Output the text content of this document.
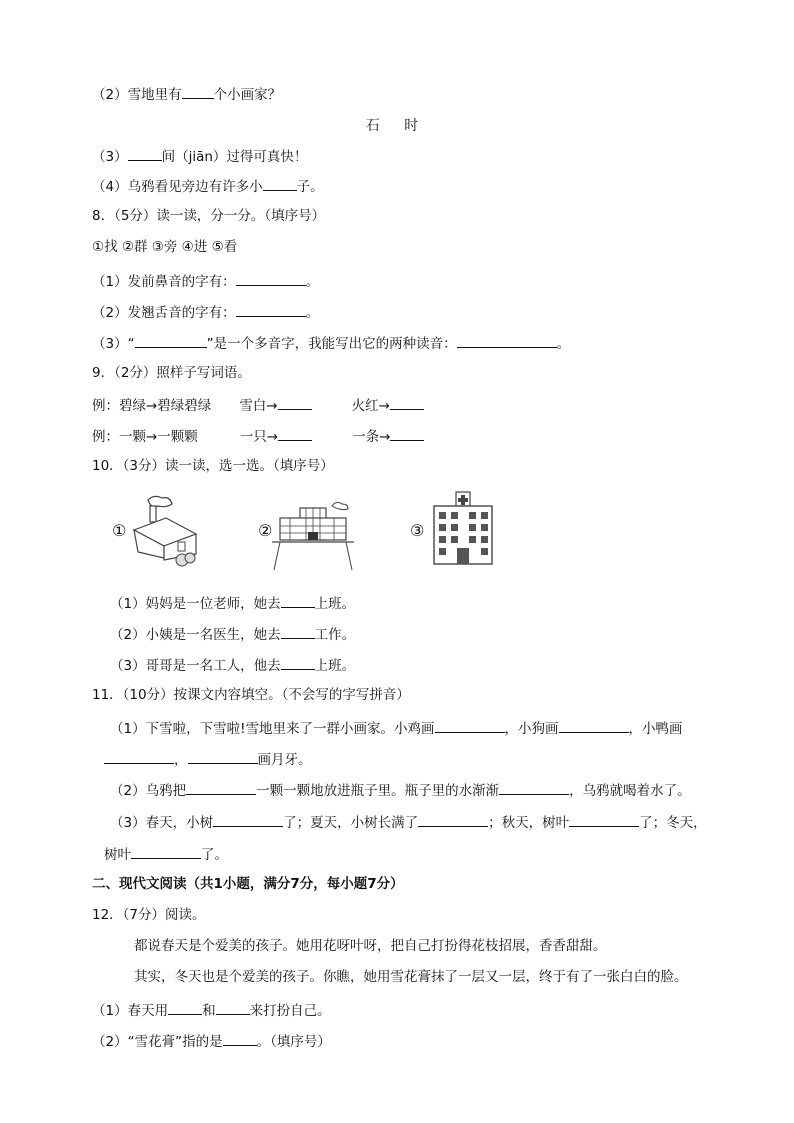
（2）雪地里有 个小画家？
石 时
（3）	间（jiān）过得可真快！
（4）乌鸦看见旁边有许多小	子。
8．（5分）读一读，分一分。（填序号）
①找 ②群 ③旁 ④进 ⑤看
（1）发前鼻音的字有：	。
（2）发翘舌音的字有：	。
（3）“	”是一个多音字，我能写出它的两种读音：	。
9．（2分）照样子写词语。
例：碧绿→碧绿碧绿 雪白→	火红→
例：一颗→一颗颗	一只→	一条→
10．（3分）读一读，选一选。（填序号）
①	②	③
（1）妈妈是一位老师，她去	上班。
（2）小姨是一名医生，她去	工作。
（3）哥哥是一名工人，他去	上班。
11．（10分）按课文内容填空。（不会写的字写拼音）
（1）下雪啦，下雪啦!雪地里来了一群小画家。小鸡画	，小狗画	，小鸭画
，	画月牙。
（2）乌鸦把	一颗一颗地放进瓶子里。瓶子里的水渐渐	，乌鸦就喝着水了。
（3）春天，小树	了；夏天，小树长满了	；秋天，树叶	了；冬天，
树叶	了。
二、现代文阅读（共1小题，满分7分，每小题7分）
12．（7分）阅读。
都说春天是个爱美的孩子。她用花呀叶呀，把自己打扮得花枝招展，香香甜甜。
其实，冬天也是个爱美的孩子。你瞧，她用雪花膏抹了一层又一层，终于有了一张白白的脸。
（1）春天用	和	来打扮自己。
（2）“雪花膏”指的是	。（填序号）
